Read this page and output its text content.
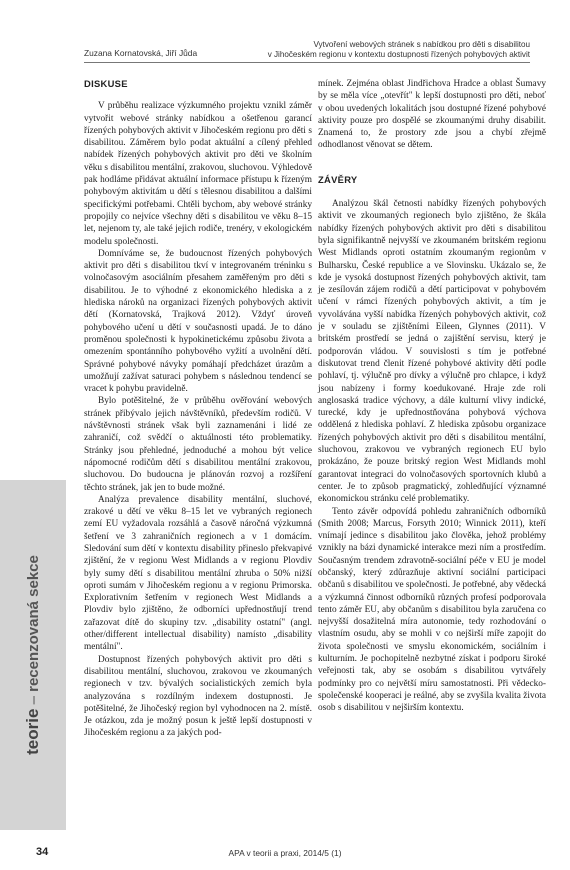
Zuzana Kornatovská, Jiří Jůda
Vytvoření webových stránek s nabídkou pro děti s disabilitou
v Jihočeském regionu v kontextu dostupnosti řízených pohybových aktivit
DISKUSE

V průběhu realizace výzkumného projektu vznikl záměr vytvořit webové stránky nabídkou a ošetřenou garancí řízených pohybových aktivit v Jihočeském regionu pro děti s disabilitou. Záměrem bylo podat aktuální a cílený přehled nabídek řízených pohybových aktivit pro děti ve školním věku s disabilitou mentální, zrakovou, sluchovou. Výhledově pak hodláme přidávat aktuální informace přístupu k řízeným pohybovým aktivitám u dětí s tělesnou disabilitou a dalšími specifickými potřebami. Chtěli bychom, aby webové stránky propojily co nejvíce všechny děti s disabilitou ve věku 8–15 let, nejenom ty, ale také jejich rodiče, trenéry, v ekologickém modelu společnosti.

Domníváme se, že budoucnost řízených pohybových aktivit pro děti s disabilitou tkví v integrovaném tréninku s volnočasovým asociálním přesahem zaměřeným pro děti s disabilitou. Je to výhodné z ekonomického hlediska a z hlediska nároků na organizaci řízených pohybových aktivit dětí (Kornatovská, Trajková 2012). Vždyť úroveň pohybového učení u dětí v současnosti upadá. Je to dáno proměnou společnosti k hypokinetickému způsobu života a omezením spontánního pohybového vyžití a uvolnění dětí. Správné pohybové návyky pomáhají předcházet úrazům a umožňují zažívat saturaci pohybem s následnou tendencí se vracet k pohybu pravidelně.

Bylo potěšitelné, že v průběhu ověřování webových stránek přibývalo jejich návštěvníků, především rodičů. V návštěvnosti stránek však byli zaznamenáni i lidé ze zahraničí, což svědčí o aktuálnosti této problematiky. Stránky jsou přehledné, jednoduché a mohou být velice nápomocné rodičům dětí s disabilitou mentální zrakovou, sluchovou. Do budoucna je plánován rozvoj a rozšíření těchto stránek, jak jen to bude možné.

Analýza prevalence disability mentální, sluchové, zrakové u dětí ve věku 8–15 let ve vybraných regionech zemí EU vyžadovala rozsáhlá a časově náročná výzkumná šetření ve 3 zahraničních regionech a v 1 domácím. Sledování sum dětí v kontextu disability přineslo překvapivé zjištění, že v regionu West Midlands a v regionu Plovdiv byly sumy dětí s disabilitou mentální zhruba o 50% nižší oproti sumám v Jihočeském regionu a v regionu Primorska. Explorativním šetřením v regionech West Midlands a Plovdiv bylo zjištěno, že odborníci upřednostňují trend zařazovat dítě do skupiny tzv. „disability ostatní" (angl. other/different intellectual disability) namísto „disability mentální".

Dostupnost řízených pohybových aktivit pro děti s disabilitou mentální, sluchovou, zrakovou ve zkoumaných regionech v tzv. bývalých socialistických zemích byla analyzována s rozdílným indexem dostupnosti. Je potěšitelné, že Jihočeský region byl vyhodnocen na 2. místě. Je otázkou, zda je možný posun k ještě lepší dostupnosti v Jihočeském regionu a za jakých pod-

mínek. Zejména oblast Jindřichova Hradce a oblast Šumavy by se měla více „otevřít" k lepší dostupnosti pro děti, neboť v obou uvedených lokalitách jsou dostupné řízené pohybové aktivity pouze pro dospělé se zkoumanými druhy disabilit. Znamená to, že prostory zde jsou a chybí zřejmě odhodlanost věnovat se dětem.

ZÁVĚRY

Analýzou škál četnosti nabídky řízených pohybových aktivit ve zkoumaných regionech bylo zjištěno, že škála nabídky řízených pohybových aktivit pro děti s disabilitou byla signifikantně nejvyšší ve zkoumaném britském regionu West Midlands oproti ostatním zkoumaným regionům v Bulharsku, České republice a ve Slovinsku. Ukázalo se, že kde je vysoká dostupnost řízených pohybových aktivit, tam je zesílován zájem rodičů a dětí participovat v pohybovém učení v rámci řízených pohybových aktivit, a tím je vyvolávána vyšší nabídka řízených pohybových aktivit, což je v souladu se zjištěními Eileen, Glynnes (2011). V britském prostředí se jedná o zajištění servisu, který je podporován vládou. V souvislosti s tím je potřebné diskutovat trend členit řízené pohybové aktivity dětí podle pohlaví, tj. výlučně pro dívky a výlučně pro chlapce, i když jsou nabízeny i formy koedukované. Hraje zde roli anglosaská tradice výchovy, a dále kulturní vlivy indické, turecké, kdy je upřednostňována pohybová výchova oddělená z hlediska pohlaví. Z hlediska způsobu organizace řízených pohybových aktivit pro děti s disabilitou mentální, sluchovou, zrakovou ve vybraných regionech EU bylo prokázáno, že pouze britský region West Midlands mohl garantovat integraci do volnočasových sportovních klubů a center. Je to způsob pragmatický, zohledňující významné ekonomickou stránku celé problematiky.

Tento závěr odpovídá pohledu zahraničních odborníků (Smith 2008; Marcus, Forsyth 2010; Winnick 2011), kteří vnímají jedince s disabilitou jako člověka, jehož problémy vznikly na bázi dynamické interakce mezi ním a prostředím. Současným trendem zdravotně-sociální péče v EU je model občanský, který zdůrazňuje aktivní sociální participaci občanů s disabilitou ve společnosti. Je potřebné, aby vědecká a výzkumná činnost odborníků různých profesí podporovala tento záměr EU, aby občanům s disabilitou byla zaručena co nejvyšší dosažitelná míra autonomie, tedy rozhodování o vlastním osudu, aby se mohli v co nejširší míře zapojit do života společnosti ve smyslu ekonomickém, sociálním i kulturním. Je pochopitelně nezbytné získat i podporu široké veřejnosti tak, aby se osobám s disabilitou vytvářely podmínky pro co největší míru samostatnosti. Při vědecko-společenské kooperaci je reálné, aby se zvyšila kvalita života osob s disabilitou v nejširším kontextu.

teorie – recenzovaná sekce
34	APA v teorii a praxi, 2014/5 (1)
